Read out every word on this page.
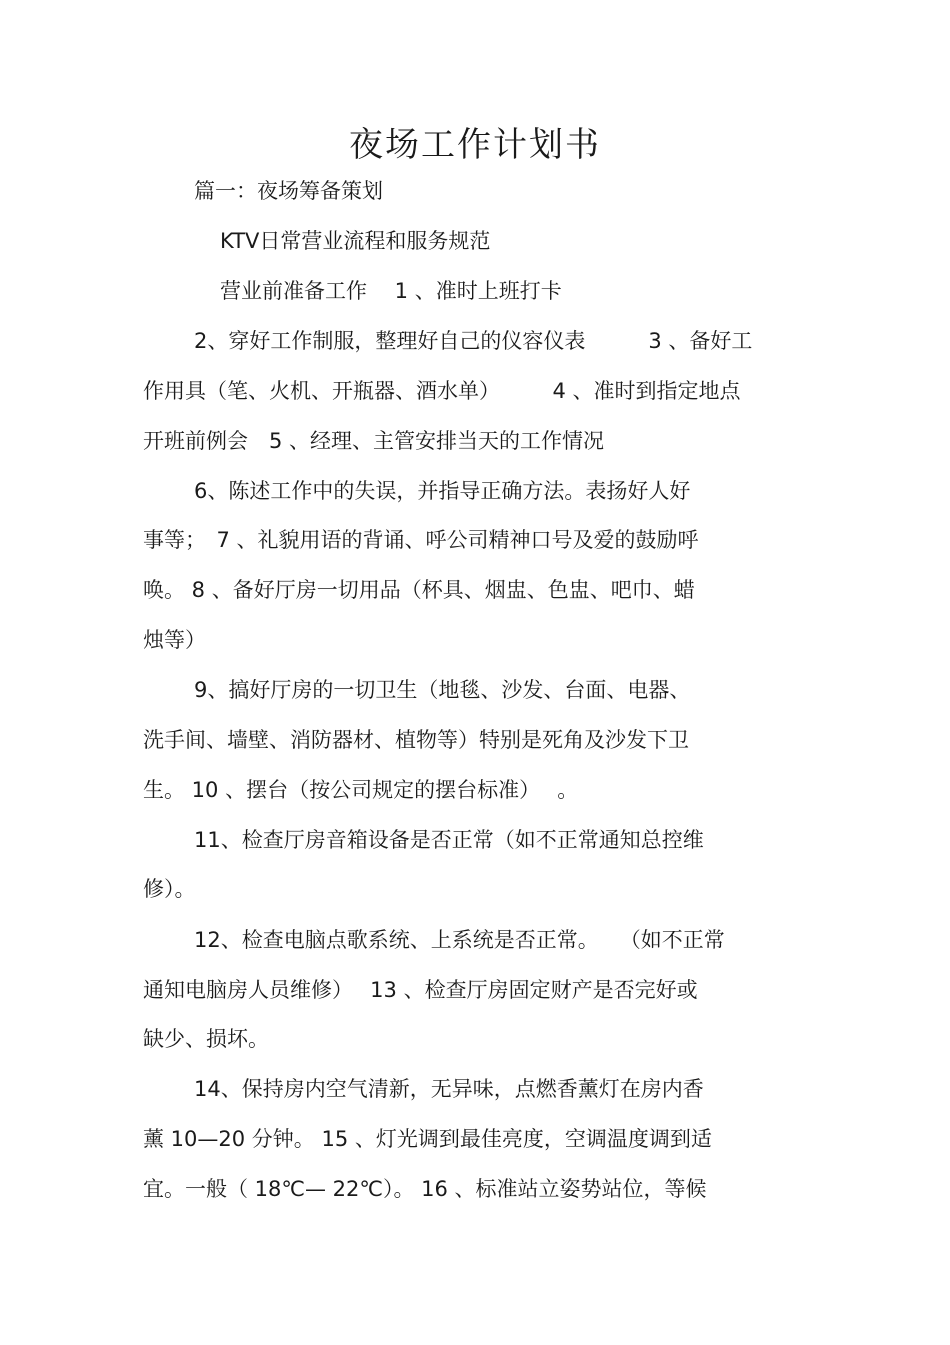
夜场工作计划书
篇一：夜场筹备策划
KTV日常营业流程和服务规范
营业前准备工作　 1 、准时上班打卡
2、穿好工作制服，整理好自己的仪容仪表　　　3 、备好工
作用具（笔、火机、开瓶器、酒水单）　　　4 、准时到指定地点
开班前例会　5 、经理、主管安排当天的工作情况
6、陈述工作中的失误，并指导正确方法。表扬好人好
事等；　7 、礼貌用语的背诵、呼公司精神口号及爱的鼓励呼
唤。 8 、备好厅房一切用品（杯具、烟盅、色盅、吧巾、蜡
烛等）
9、搞好厅房的一切卫生（地毯、沙发、台面、电器、
洗手间、墙壁、消防器材、植物等）特别是死角及沙发下卫
生。 10 、摆台（按公司规定的摆台标准）　 。
11、检查厅房音箱设备是否正常（如不正常通知总控维
修）。
12、检查电脑点歌系统、上系统是否正常。　　（如不正常
通知电脑房人员维修）　 13 、检查厅房固定财产是否完好或
缺少、损坏。
14、保持房内空气清新，无异味，点燃香薰灯在房内香
薰 10—20 分钟。 15 、灯光调到最佳亮度，空调温度调到适
宜。一般（ 18℃— 22℃）。 16 、标准站立姿势站位，等候
